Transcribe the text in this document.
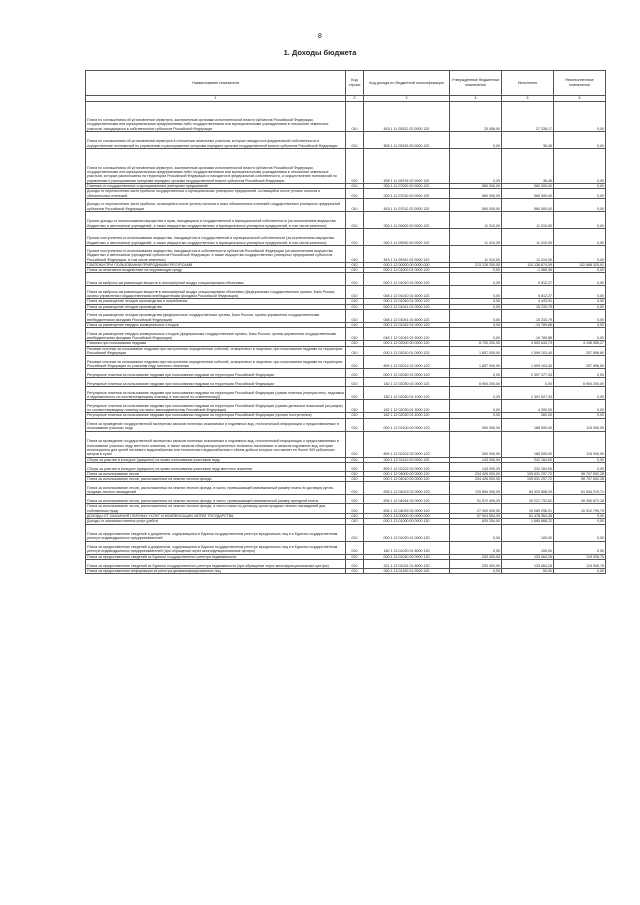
8
1. Доходы бюджета
Наименование показателя	Код строки	Код дохода по бюджетной классификации	Утвержденные бюджетные назначения	Исполнено	Неисполненные назначения
1	2	3	4	5	6
Плата по соглашениям об установлении сервитута, заключенным органами исполнительной власти субъектов Российской Федерации, государственными или муниципальными предприятиями либо государственными или муниципальными учреждениями в отношении земельных участков, находящихся в собственности субъектов Российской Федерации	010	815 1 11 05322 02 0000 120	25 456,00	27 338,17	0,00
Плата по соглашениям об установлении сервитута в отношении земельных участков, которые находятся в федеральной собственности и осуществление полномочий по управлению и распоряжению которыми передано органам государственной власти субъектов Российской Федерации	010	809 1 11 05333 00 0000 120	0,00	36,45	0,00
Плата по соглашениям об установлении сервитута, заключенным органами исполнительной власти субъектов Российской Федерации, государственными или муниципальными предприятиями либо государственными или муниципальными учреждениями в отношении земельных участков, которые расположены на территории Российской Федерации и находятся в федеральной собственности, и осуществление полномочий по управлению и распоряжению которыми передано органам государственной власти субъектов Российской Федерации	010	835 1 11 05376 02 0000 120	0,00	36,45	0,00
Платежи от государственных и муниципальных унитарных предприятий	010	000 1 11 07000 00 0000 120	560 000,00	560 000,00	0,00
Доходы от перечисления части прибыли государственных и муниципальных унитарных предприятий, остающейся после уплаты налогов и обязательных платежей	010	000 1 11 07010 00 0000 120	560 000,00	560 000,00	0,00
Доходы от перечисления части прибыли, остающейся после уплаты налогов и иных обязательных платежей государственных унитарных предприятий субъектов Российской Федерации	010	815 1 11 07012 02 0000 120	560 000,00	560 000,00	0,00
Прочие доходы от использования имущества и прав, находящихся в государственной и муниципальной собственности (за исключением имущества бюджетных и автономных учреждений, а также имущества государственных и муниципальных унитарных предприятий, в том числе казенных)	010	000 1 11 09000 00 0000 120	11 310,00	11 310,00	0,00
Прочие поступления от использования имущества, находящегося в государственной и муниципальной собственности (за исключением имущества бюджетных и автономных учреждений, а также имущества государственных и муниципальных унитарных предприятий, в том числе казенных)	010	000 1 11 09040 00 0000 120	11 310,00	11 310,00	0,00
Прочие поступления от использования имущества, находящегося в собственности субъектов Российской Федерации (за исключением имущества бюджетных и автономных учреждений субъектов Российской Федерации, а также имущества государственных унитарных предприятий субъектов Российской Федерации, в том числе казенных)	010	815 1 11 09042 02 0000 120	11 310,00	11 310,00	0,00
ПЛАТЕЖИ ПРИ ПОЛЬЗОВАНИИ ПРИРОДНЫМИ РЕСУРСАМИ	010	000 1 12 00000 00 0000 000	213 126 200,00	110 138 874,09	102 988 325,91
Плата за негативное воздействие на окружающую среду	010	000 1 12 01000 01 0000 120	0,00	-1 068,35	0,00
Плата за выбросы загрязняющих веществ в атмосферный воздух стационарными объектами	010	000 1 12 01010 01 0000 120	0,00	5 812,27	0,00
Плата за выбросы загрязняющих веществ в атмосферный воздух стационарными объектами (федеральные государственные органы, Банк России, органы управления государственными внебюджетными фондами Российской Федерации)	010	048 1 12 01010 01 6000 120	0,00	5 812,27	0,00
Плата за размещение отходов производства и потребления	010	000 1 12 01040 01 0000 120	0,00	4 443,91	0,00
Плата за размещение отходов производства	010	000 1 12 01041 01 0000 120	0,00	15 233,79	0,00
Плата за размещение отходов производства (федеральные государственные органы, Банк России, органы управления государственными внебюджетными фондами Российской Федерации)	010	048 1 12 01041 01 6000 120	0,00	15 233,79	0,00
Плата за размещение твердых коммунальных отходов	010	000 1 12 01042 01 0000 120	0,00	-10 789,88	0,00
Плата за размещение твердых коммунальных отходов (федеральные государственные органы, Банк России, органы управления государственными внебюджетными фондами Российской Федерации)	010	048 1 12 01042 01 6000 120	0,00	-10 789,88	0,00
Платежи при пользовании недрами	010	000 1 12 02000 00 0000 120	8 700 200,00	4 503 644,73	4 196 555,27
Разовые платежи за пользование недрами при наступлении определенных событий, оговоренных в лицензии, при пользовании недрами на территории Российской Федерации	010	000 1 12 02010 01 0000 120	1 857 000,00	1 599 103,40	257 896,60
Разовые платежи за пользование недрами при наступлении определенных событий, оговоренных в лицензии, при пользовании недрами на территории Российской Федерации по участкам недр местного значения	010	809 1 12 02012 01 0000 120	1 857 000,00	1 599 103,40	257 896,60
Регулярные платежи за пользование недрами при пользовании недрами на территории Российской Федерации	010	000 1 12 02030 01 0000 120	0,00	2 397 377,33	0,00
Регулярные платежи за пользование недрами при пользовании недрами на территории Российской Федерации	010	182 1 12 02030 01 0000 120	6 900 200,00	0,00	6 900 200,00
Регулярные платежи за пользование недрами при пользовании недрами на территории Российской Федерации (сумма платежа (перерасчеты, недоимка и задолженность по соответствующему платежу, в том числе по отмененному))	010	182 1 12 02030 01 1000 120	0,00	2 391 927,33	0,00
Регулярные платежи за пользование недрами при пользовании недрами на территории Российской Федерации (суммы денежных взысканий (штрафов) по соответствующему платежу согласно законодательству Российской Федерации)	010	182 1 12 02030 01 3000 120	0,00	4 200,00	0,00
Регулярные платежи за пользование недрами при пользовании недрами на территории Российской Федерации (прочие поступления)	010	182 1 12 02030 01 4000 120	0,00	360,00	0,00
Плата за проведение государственной экспертизы запасов полезных ископаемых и подземных вод, геологической информации о предоставляемых в пользование участках недр	010	000 1 12 02100 00 0000 120	300 000,00	185 000,00	115 000,00
Плата за проведение государственной экспертизы запасов полезных ископаемых и подземных вод, геологической информации о предоставляемых в пользование участках недр местного значения, а также запасов общераспространенных полезных ископаемых и запасов подземных вод, которые используются для целей питьевого водоснабжения или технического водоснабжения и объем добычи которых составляет не более 500 кубических метров в сутки	010	809 1 12 02102 02 0000 120	300 000,00	185 000,00	115 000,00
Сборы за участие в конкурсе (аукционе) на право пользования участками недр	010	000 1 12 02110 00 0000 120	143 000,00	232 164,00	0,00
Сборы за участие в конкурсе (аукционе) на право пользования участками недр местного значения	010	809 1 12 02102 02 0000 120	143 000,00	232 164,00	0,00
Плата за использование лесов	010	000 1 12 04000 00 0000 120	204 426 000,00	105 631 297,72	98 797 692,28
Плата за использование лесов, расположенных на землях лесного фонда	010	000 1 12 04010 00 0000 120	204 426 000,00	105 631 297,72	98 797 692,28
Плата за использование лесов, расположенных на землях лесного фонда, в части, превышающей минимальный размер платы по договору купли-продажи лесных насаждений	010	835 1 12 04013 02 0000 120	125 854 000,00	84 320 568,29	61 534 219,71
Плата за использование лесов, расположенных на землях лесного фонда, в части, превышающей минимальный размер арендной платы	010	835 1 12 04014 02 0000 120	51 572 405,00	25 221 732,82	26 350 672,18
Плата за использование лесов, расположенных на землях лесного фонда, в части платы по договору купли-продажи лесных насаждений для собственных нужд	010	835 1 12 04015 02 0000 120	27 000 000,00	19 089 296,21	10 912 799,79
ДОХОДЫ ОТ ОКАЗАНИЯ ПЛАТНЫХ УСЛУГ И КОМПЕНСАЦИИ ЗАТРАТ ГОСУДАРСТВА	010	000 1 13 00000 00 0000 000	57 504 554,00	51 478 564,45	0,00
Доходы от оказания платных услуг (работ)	010	000 1 13 01000 00 0000 130	830 254,00	1 685 868,22	0,00
Плата за предоставление сведений и документов, содержащихся в Едином государственном реестре юридических лиц и в Едином государственном реестре индивидуальных предпринимателей	010	000 1 13 01020 01 0000 130	0,00	100,00	0,00
Плата за предоставление сведений и документов, содержащихся в Едином государственном реестре юридических лиц и в Едином государственном реестре индивидуальных предпринимателей (при обращении через многофункциональные центры)	010	182 1 13 01020 01 8000 130	0,00	100,00	0,00
Плата за предоставление сведений из Единого государственного реестра недвижимости	010	000 1 13 01030 00 0000 130	253 400,00	133 464,25	119 935,75
Плата за предоставление сведений из Единого государственного реестра недвижимости (при обращении через многофункциональные центры)	010	321 1 13 01031 01 8000 130	253 400,00	133 464,25	119 935,75
Плата за предоставление информации из реестра дисквалифицированных лиц	010	000 1 13 01190 01 0000 130	0,00	50,00	0,00
